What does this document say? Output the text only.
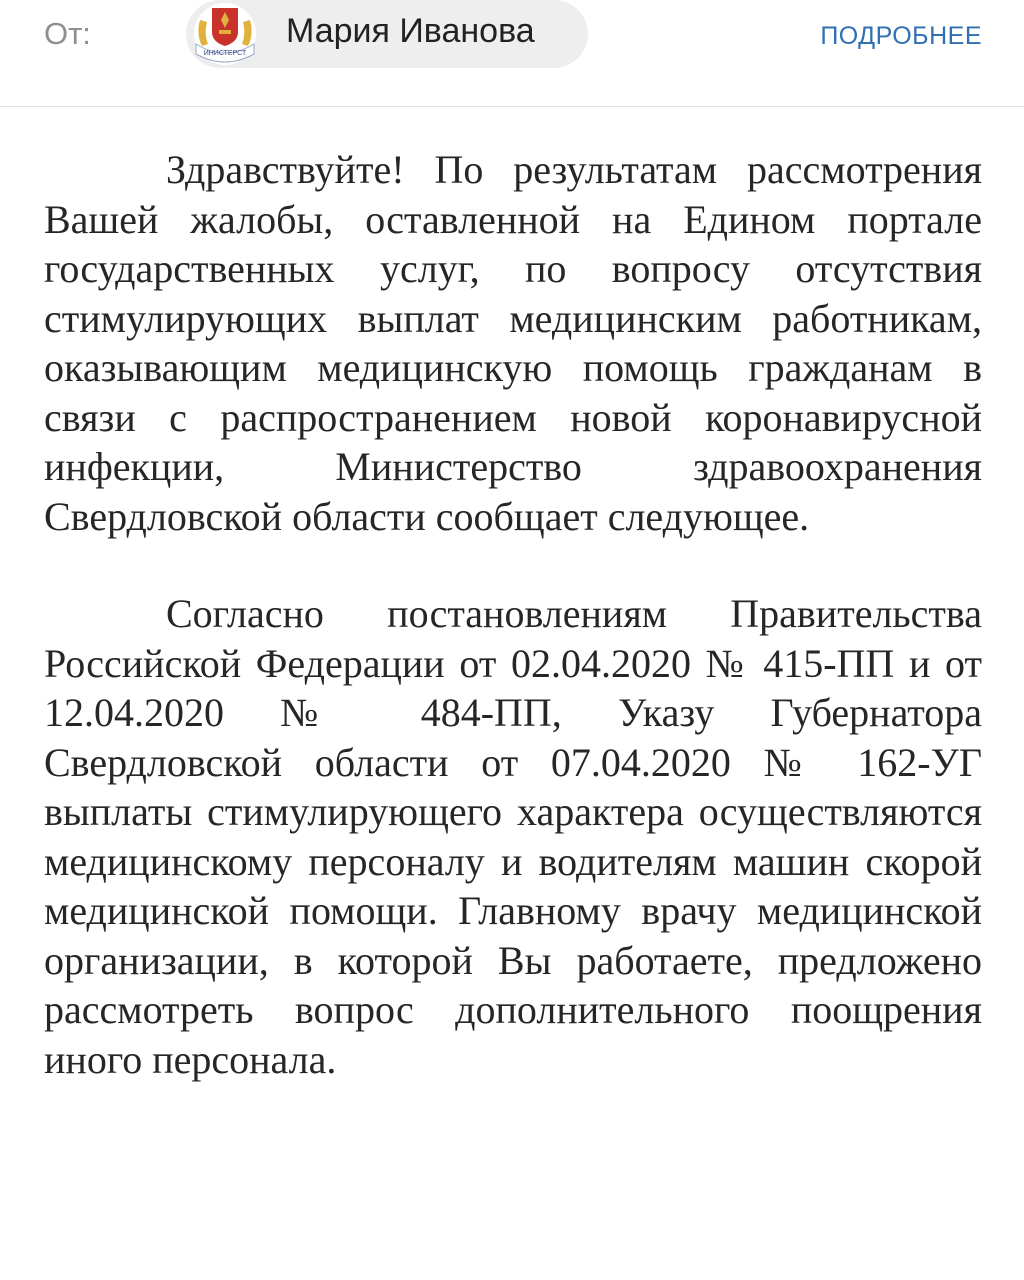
От:
ИНИСТЕРСТ
Мария Иванова	ПОДРОБНЕЕ

Здравствуйте! По результатам рассмотрения Вашей жалобы, оставленной на Едином портале государственных услуг, по вопросу отсутствия стимулирующих выплат медицинским работникам, оказывающим медицинскую помощь гражданам в связи с распространением новой коронавирусной инфекции, Министерство здравоохранения Свердловской области сообщает следующее.

Согласно постановлениям Правительства Российской Федерации от 02.04.2020 № 415-ПП и от 12.04.2020 № 484-ПП, Указу Губернатора Свердловской области от 07.04.2020 № 162-УГ выплаты стимулирующего характера осуществляются медицинскому персоналу и водителям машин скорой медицинской помощи. Главному врачу медицинской организации, в которой Вы работаете, предложено рассмотреть вопрос дополнительного поощрения иного персонала.
